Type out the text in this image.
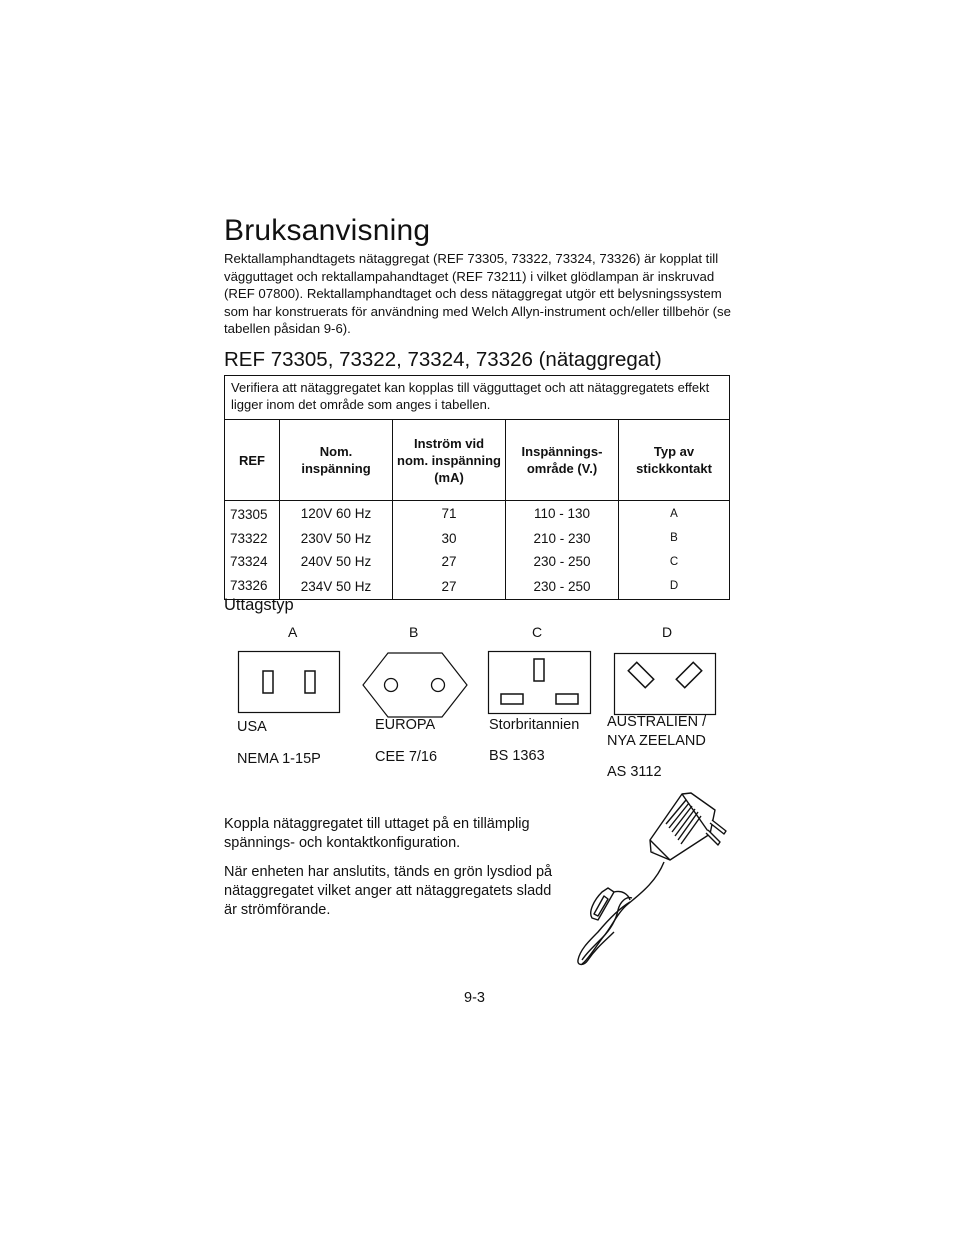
Bruksanvisning

Rektallamphandtagets nätaggregat (REF 73305, 73322, 73324, 73326) är kopplat till vägguttaget och rektallampahandtaget (REF 73211) i vilket glödlampan är inskruvad (REF 07800). Rektallamphandtaget och dess nätaggregat utgör ett belysningssystem som har konstruerats för användning med Welch Allyn-instrument och/eller tillbehör (se tabellen påsidan 9-6).

REF 73305, 73322, 73324, 73326 (nätaggregat)
Verifiera att nätaggregatet kan kopplas till vägguttaget och att nätaggregatets effekt ligger inom det område som anges i tabellen.				
REF	Nom. inspänning	Inström vid nom. inspänning (mA)	Inspännings-område (V.)	Typ av stickkontakt
73305	120V 60 Hz	71	110 - 130	A
73322	230V 50 Hz	30	210 - 230	B
73324	240V 50 Hz	27	230 - 250	C
73326	234V 50 Hz	27	230 - 250	D
Uttagstyp
A	B	C	D
USA
NEMA 1-15P
EUROPA
CEE 7/16
Storbritannien
BS 1363
AUSTRALIEN / NYA ZEELAND
AS 3112

Koppla nätaggregatet till uttaget på en tillämplig spännings- och kontaktkonfiguration.

När enheten har anslutits, tänds en grön lysdiod på nätaggregatet vilket anger att nätaggregatets sladd är strömförande.

9-3
